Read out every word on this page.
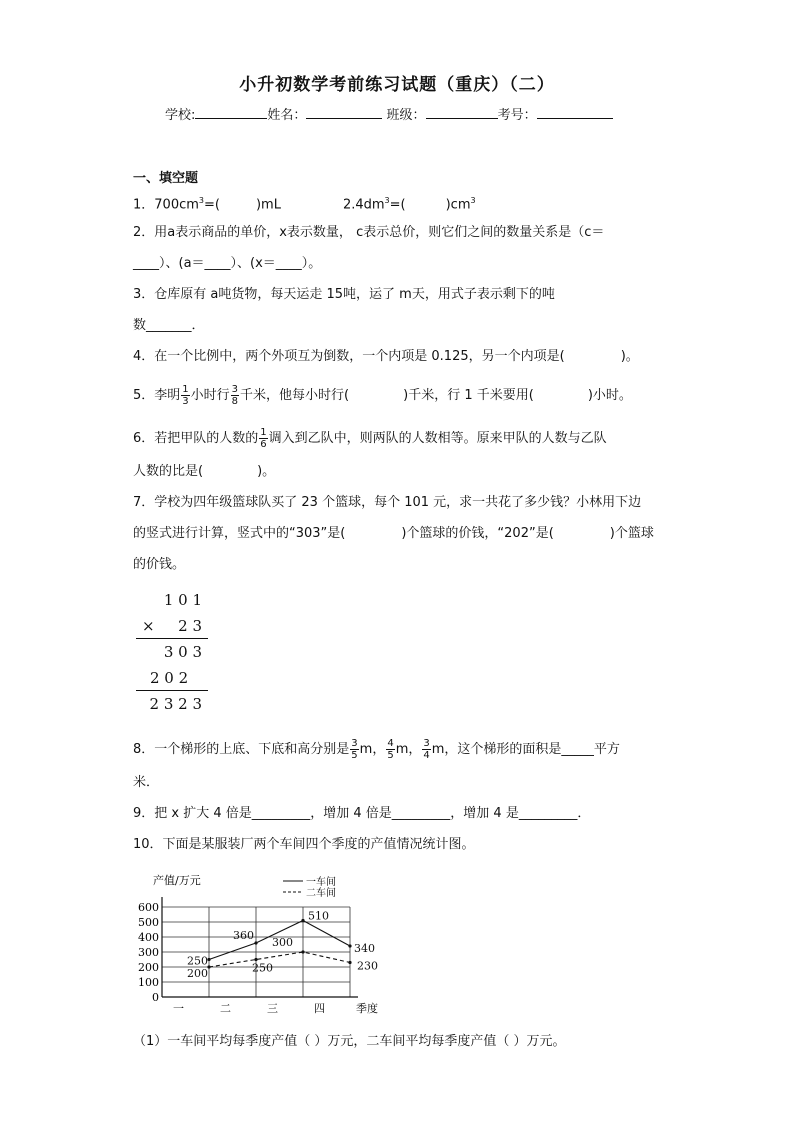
小升初数学考前练习试题（重庆）（二）
学校:	姓名：	班级：	考号：
一、填空题
1．$700cm^3=$(	)mL	$2.4dm^3=$(	)$cm^3$
2．用a表示商品的单价，x表示数量， c表示总价，则它们之间的数量关系是（c＝
____）、(a＝____）、(x＝____）。
3．仓库原有 a吨货物，每天运走 15吨，运了 m天，用式子表示剩下的吨
数_______．
4．在一个比例中，两个外项互为倒数，一个内项是 0.125，另一个内项是(	)。
5．李明 $\frac{1}{3}$ 小时行 $\frac{3}{8}$ 千米，他每小时行(	)千米，行 1 千米要用(	)小时。
6．若把甲队的人数的 $\frac{1}{6}$ 调入到乙队中，则两队的人数相等。原来甲队的人数与乙队
人数的比是(	)。
7．学校为四年级篮球队买了 23 个篮球，每个 101 元，求一共花了多少钱？小林用下边
的竖式进行计算，竖式中的“303”是(	)个篮球的价钱，“202”是(	)个篮球
的价钱。
1 0 1
× 2 3
3 0 3
2 0 2
2 3 2 3
8．一个梯形的上底、下底和高分别是 $\frac{3}{5}$ m， $\frac{4}{5}$ m， $\frac{3}{4}$ m，这个梯形的面积是_____平方
米．
9．把 x 扩大 4 倍是_________，增加 4 倍是_________，增加 4 是_________．
10．下面是某服装厂两个车间四个季度的产值情况统计图。
0
100
200
300
400
500
600
一	二	三	四	季度
产值/万元
250
360
510
340
200	250
300
230
一车间
二车间
（1）一车间平均每季度产值（ ）万元，二车间平均每季度产值（ ）万元。
